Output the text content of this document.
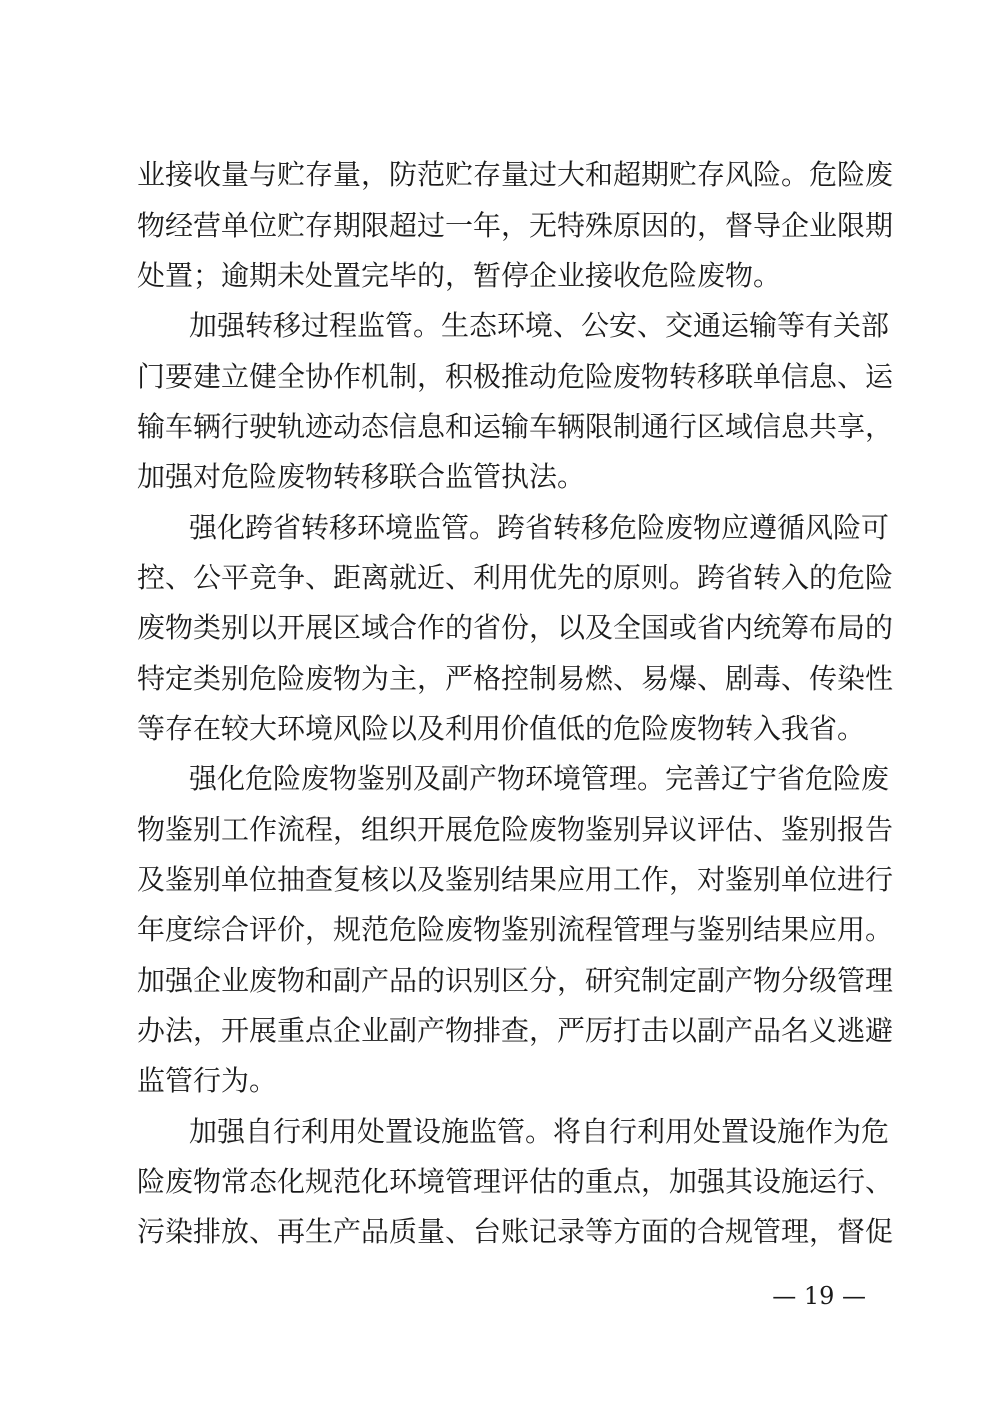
业接收量与贮存量，防范贮存量过大和超期贮存风险。危险废
物经营单位贮存期限超过一年，无特殊原因的，督导企业限期
处置；逾期未处置完毕的，暂停企业接收危险废物。
加强转移过程监管。生态环境、公安、交通运输等有关部
门要建立健全协作机制，积极推动危险废物转移联单信息、运
输车辆行驶轨迹动态信息和运输车辆限制通行区域信息共享，
加强对危险废物转移联合监管执法。
强化跨省转移环境监管。跨省转移危险废物应遵循风险可
控、公平竞争、距离就近、利用优先的原则。跨省转入的危险
废物类别以开展区域合作的省份，以及全国或省内统筹布局的
特定类别危险废物为主，严格控制易燃、易爆、剧毒、传染性
等存在较大环境风险以及利用价值低的危险废物转入我省。
强化危险废物鉴别及副产物环境管理。完善辽宁省危险废
物鉴别工作流程，组织开展危险废物鉴别异议评估、鉴别报告
及鉴别单位抽查复核以及鉴别结果应用工作，对鉴别单位进行
年度综合评价，规范危险废物鉴别流程管理与鉴别结果应用。
加强企业废物和副产品的识别区分，研究制定副产物分级管理
办法，开展重点企业副产物排查，严厉打击以副产品名义逃避
监管行为。
加强自行利用处置设施监管。将自行利用处置设施作为危
险废物常态化规范化环境管理评估的重点，加强其设施运行、
污染排放、再生产品质量、台账记录等方面的合规管理，督促
— 19 —
